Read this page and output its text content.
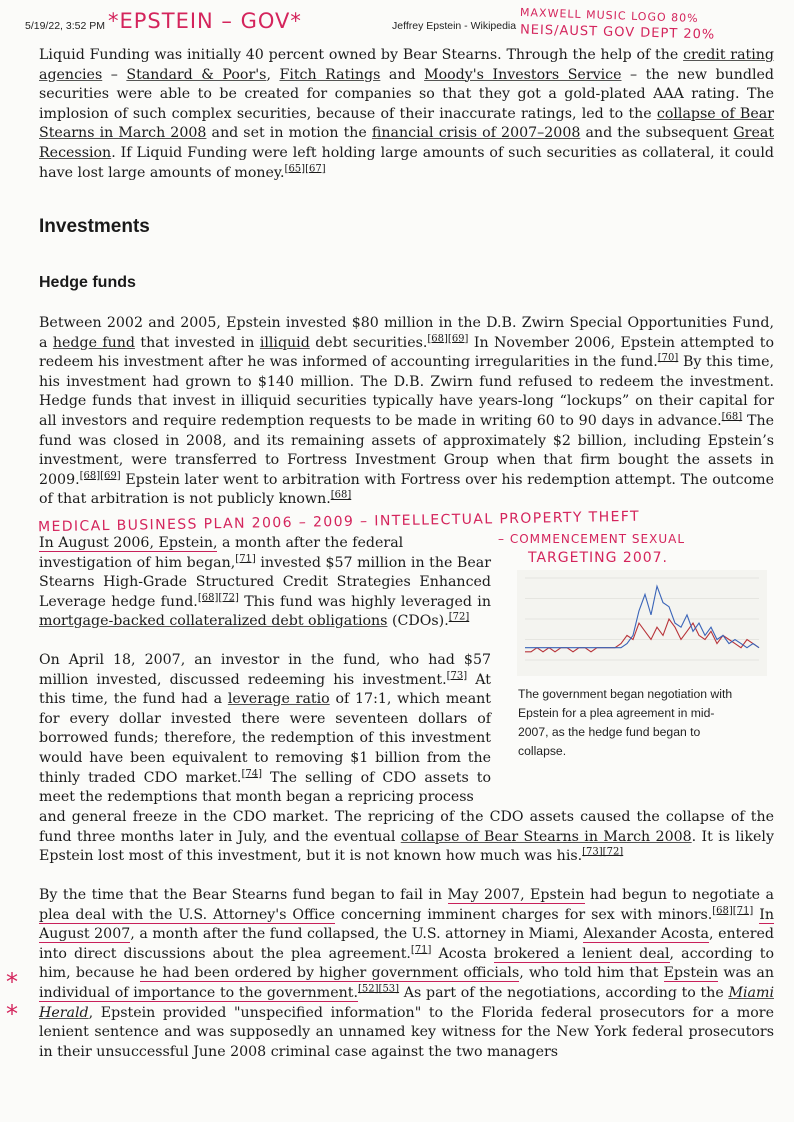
5/19/22, 3:52 PM	Jeffrey Epstein - Wikipedia
*EPSTEIN – GOV*	MAXWELL MUSIC LOGO 80%
NEIS/AUST GOV DEPT 20%
Liquid Funding was initially 40 percent owned by Bear Stearns. Through the help of the credit rating agencies – Standard & Poor's, Fitch Ratings and Moody's Investors Service – the new bundled securities were able to be created for companies so that they got a gold-plated AAA rating. The implosion of such complex securities, because of their inaccurate ratings, led to the collapse of Bear Stearns in March 2008 and set in motion the financial crisis of 2007–2008 and the subsequent Great Recession. If Liquid Funding were left holding large amounts of such securities as collateral, it could have lost large amounts of money.[65][67]
Investments
Hedge funds
Between 2002 and 2005, Epstein invested $80 million in the D.B. Zwirn Special Opportunities Fund, a hedge fund that invested in illiquid debt securities.[68][69] In November 2006, Epstein attempted to redeem his investment after he was informed of accounting irregularities in the fund.[70] By this time, his investment had grown to $140 million. The D.B. Zwirn fund refused to redeem the investment. Hedge funds that invest in illiquid securities typically have years-long “lockups” on their capital for all investors and require redemption requests to be made in writing 60 to 90 days in advance.[68] The fund was closed in 2008, and its remaining assets of approximately $2 billion, including Epstein’s investment, were transferred to Fortress Investment Group when that firm bought the assets in 2009.[68][69] Epstein later went to arbitration with Fortress over his redemption attempt. The outcome of that arbitration is not publicly known.[68]
MEDICAL BUSINESS PLAN 2006 – 2009 – INTELLECTUAL PROPERTY THEFT
– COMMENCEMENT SEXUAL
TARGETING 2007.
In August 2006, Epstein, a month after the federal
investigation of him began,[71] invested $57 million in the Bear Stearns High-Grade Structured Credit Strategies Enhanced Leverage hedge fund.[68][72] This fund was highly leveraged in mortgage-backed collateralized debt obligations (CDOs).[72]
The government began negotiation with Epstein for a plea agreement in mid-2007, as the hedge fund began to collapse.
On April 18, 2007, an investor in the fund, who had $57 million invested, discussed redeeming his investment.[73] At this time, the fund had a leverage ratio of 17:1, which meant for every dollar invested there were seventeen dollars of borrowed funds; therefore, the redemption of this investment would have been equivalent to removing $1 billion from the thinly traded CDO market.[74] The selling of CDO assets to meet the redemptions that month began a repricing process
and general freeze in the CDO market. The repricing of the CDO assets caused the collapse of the fund three months later in July, and the eventual collapse of Bear Stearns in March 2008. It is likely Epstein lost most of this investment, but it is not known how much was his.[73][72]
By the time that the Bear Stearns fund began to fail in May 2007, Epstein had begun to negotiate a plea deal with the U.S. Attorney's Office concerning imminent charges for sex with minors.[68][71] In August 2007, a month after the fund collapsed, the U.S. attorney in Miami, Alexander Acosta, entered into direct discussions about the plea agreement.[71] Acosta brokered a lenient deal, according to him, because he had been ordered by higher government officials, who told him that Epstein was an individual of importance to the government.[52][53] As part of the negotiations, according to the Miami Herald, Epstein provided "unspecified information" to the Florida federal prosecutors for a more lenient sentence and was supposedly an unnamed key witness for the New York federal prosecutors in their unsuccessful June 2008 criminal case against the two managers
*
*
